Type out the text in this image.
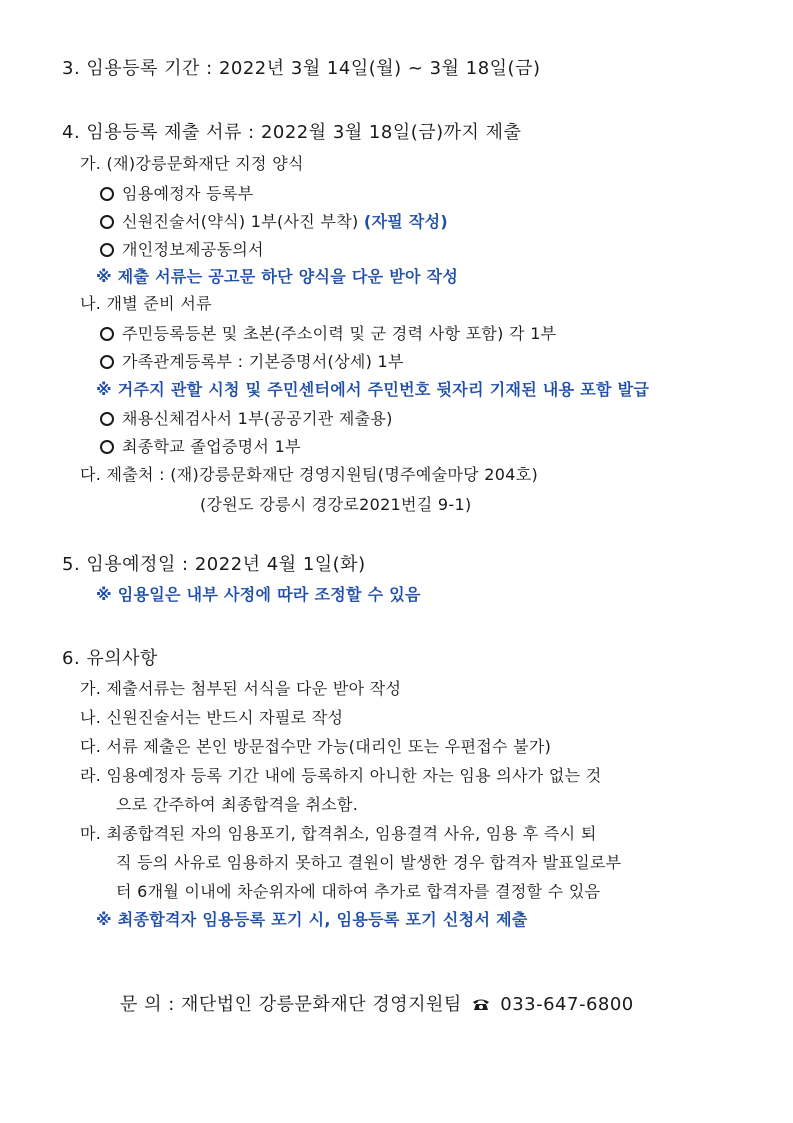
3. 임용등록 기간 : 2022년 3월 14일(월) ~ 3월 18일(금)
4. 임용등록 제출 서류 : 2022월 3월 18일(금)까지 제출
가. (재)강릉문화재단 지정 양식
임용예정자 등록부
신원진술서(약식) 1부(사진 부착) (자필 작성)
개인정보제공동의서
※ 제출 서류는 공고문 하단 양식을 다운 받아 작성
나. 개별 준비 서류
주민등록등본 및 초본(주소이력 및 군 경력 사항 포함) 각 1부
가족관계등록부 : 기본증명서(상세) 1부
※ 거주지 관할 시청 및 주민센터에서 주민번호 뒷자리 기재된 내용 포함 발급
채용신체검사서 1부(공공기관 제출용)
최종학교 졸업증명서 1부
다. 제출처 : (재)강릉문화재단 경영지원팀(명주예술마당 204호)
(강원도 강릉시 경강로2021번길 9-1)
5. 임용예정일 : 2022년 4월 1일(화)
※ 임용일은 내부 사정에 따라 조정할 수 있음
6. 유의사항
가. 제출서류는 첨부된 서식을 다운 받아 작성
나. 신원진술서는 반드시 자필로 작성
다. 서류 제출은 본인 방문접수만 가능(대리인 또는 우편접수 불가)
라. 임용예정자 등록 기간 내에 등록하지 아니한 자는 임용 의사가 없는 것
으로 간주하여 최종합격을 취소함.
마. 최종합격된 자의 임용포기, 합격취소, 임용결격 사유, 임용 후 즉시 퇴
직 등의 사유로 임용하지 못하고 결원이 발생한 경우 합격자 발표일로부
터 6개월 이내에 차순위자에 대하여 추가로 합격자를 결정할 수 있음
※ 최종합격자 임용등록 포기 시, 임용등록 포기 신청서 제출
문 의 : 재단법인 강릉문화재단 경영지원팀 033-647-6800
